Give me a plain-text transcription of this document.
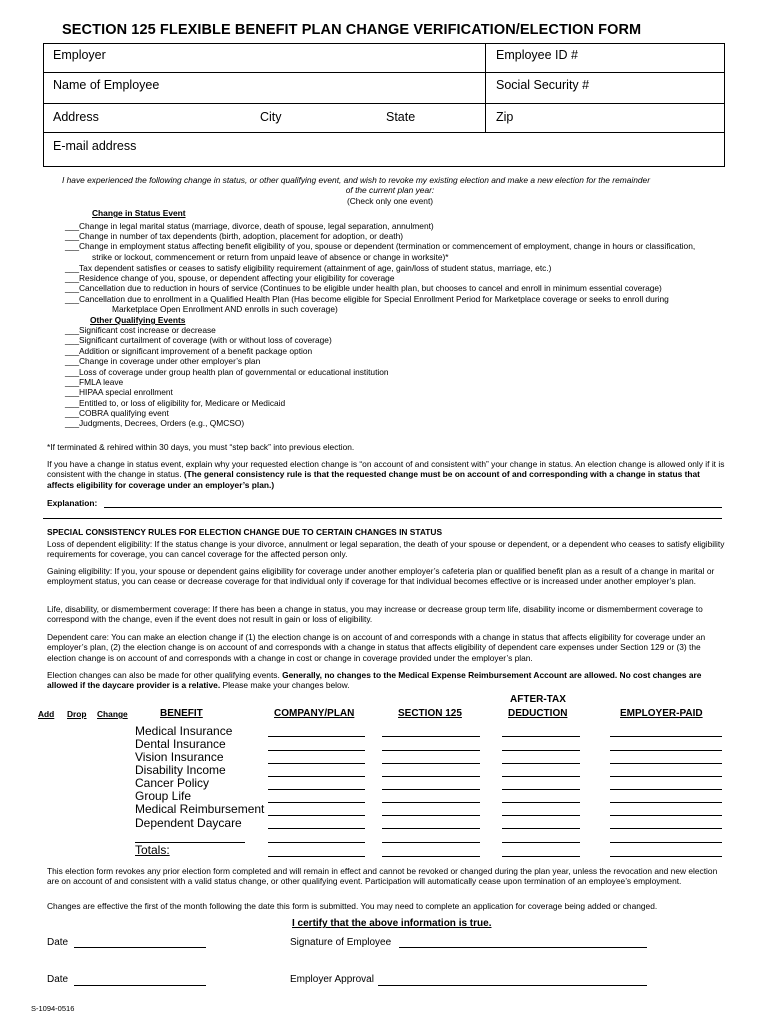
SECTION 125 FLEXIBLE BENEFIT PLAN CHANGE VERIFICATION/ELECTION FORM
Employer	Employee ID #
Name of Employee	Social Security #
Address	City	State	Zip
E-mail address
I have experienced the following change in status, or other qualifying event, and wish to revoke my existing election and make a new election for the remainder
of the current plan year:
(Check only one event)
Change in Status Event
___Change in legal marital status (marriage, divorce, death of spouse, legal separation, annulment)
___Change in number of tax dependents (birth, adoption, placement for adoption, or death)
___Change in employment status affecting benefit eligibility of you, spouse or dependent (termination or commencement of employment, change in hours or classification,
strike or lockout, commencement or return from unpaid leave of absence or change in worksite)*
___Tax dependent satisfies or ceases to satisfy eligibility requirement (attainment of age, gain/loss of student status, marriage, etc.)
___Residence change of you, spouse, or dependent affecting your eligibility for coverage
___Cancellation due to reduction in hours of service (Continues to be eligible under health plan, but chooses to cancel and enroll in minimum essential coverage)
___Cancellation due to enrollment in a Qualified Health Plan (Has become eligible for Special Enrollment Period for Marketplace coverage or seeks to enroll during
Marketplace Open Enrollment AND enrolls in such coverage)
Other Qualifying Events
___Significant cost increase or decrease
___Significant curtailment of coverage (with or without loss of coverage)
___Addition or significant improvement of a benefit package option
___Change in coverage under other employer’s plan
___Loss of coverage under group health plan of governmental or educational institution
___FMLA leave
___HIPAA special enrollment
___Entitled to, or loss of eligibility for, Medicare or Medicaid
___COBRA qualifying event
___Judgments, Decrees, Orders (e.g., QMCSO)
*If terminated & rehired within 30 days, you must “step back” into previous election.
If you have a change in status event, explain why your requested election change is “on account of and consistent with” your change in status. An election change is allowed only if it is consistent with the change in status. (The general consistency rule is that the requested change must be on account of and corresponding with a change in status that affects eligibility for coverage under an employer’s plan.)
Explanation:
SPECIAL CONSISTENCY RULES FOR ELECTION CHANGE DUE TO CERTAIN CHANGES IN STATUS
Loss of dependent eligibility: If the status change is your divorce, annulment or legal separation, the death of your spouse or dependent, or a dependent who ceases to satisfy eligibility requirements for coverage, you can cancel coverage for the affected person only.
Gaining eligibility: If you, your spouse or dependent gains eligibility for coverage under another employer’s cafeteria plan or qualified benefit plan as a result of a change in marital or employment status, you can cease or decrease coverage for that individual only if coverage for that individual becomes effective or is increased under another employer’s plan.
Life, disability, or dismemberment coverage: If there has been a change in status, you may increase or decrease group term life, disability income or dismemberment coverage to correspond with the change, even if the event does not result in gain or loss of eligibility.
Dependent care: You can make an election change if (1) the election change is on account of and corresponds with a change in status that affects eligibility for coverage under an employer’s plan, (2) the election change is on account of and corresponds with a change in status that affects eligibility of dependent care expenses under Section 129 or (3) the election change is on account of and corresponds with a change in cost or change in coverage provided under the employer’s plan.
Election changes can also be made for other qualifying events. Generally, no changes to the Medical Expense Reimbursement Account are allowed. No cost changes are allowed if the daycare provider is a relative. Please make your changes below.
AFTER-TAX
Add Drop Change	BENEFIT	COMPANY/PLAN	SECTION 125	DEDUCTION	EMPLOYER-PAID
Medical Insurance
Dental Insurance
Vision Insurance
Disability Income
Cancer Policy
Group Life
Medical Reimbursement
Dependent Daycare
Totals:
This election form revokes any prior election form completed and will remain in effect and cannot be revoked or changed during the plan year, unless the revocation and new election are on account of and consistent with a valid status change, or other qualifying event. Participation will automatically cease upon termination of an employee’s employment.
Changes are effective the first of the month following the date this form is submitted. You may need to complete an application for coverage being added or changed.
I certify that the above information is true.
Date	Signature of Employee
Date	Employer Approval
S-1094-0516
